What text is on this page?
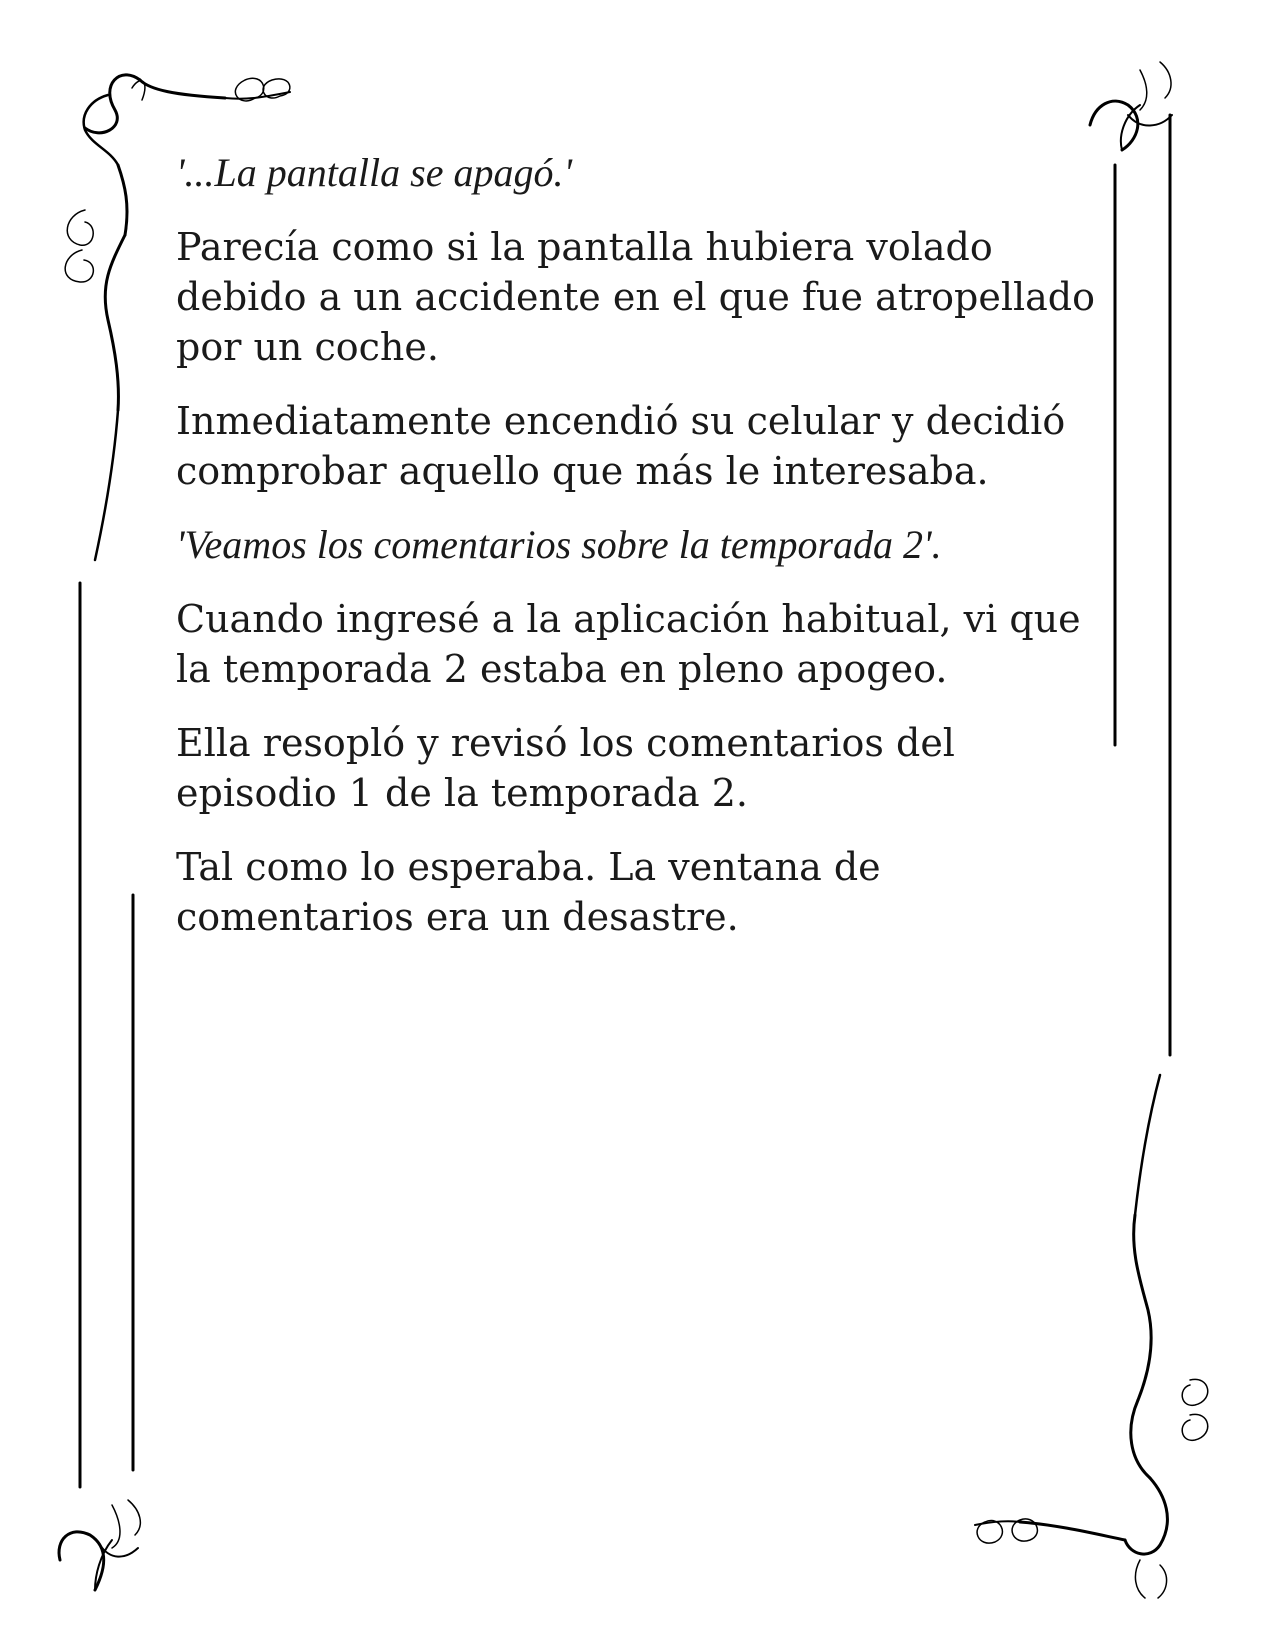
'...La pantalla se apagó.'

Parecía como si la pantalla hubiera volado
debido a un accidente en el que fue atropellado
por un coche.

Inmediatamente encendió su celular y decidió
comprobar aquello que más le interesaba.

'Veamos los comentarios sobre la temporada 2'.

Cuando ingresé a la aplicación habitual, vi que
la temporada 2 estaba en pleno apogeo.

Ella resopló y revisó los comentarios del
episodio 1 de la temporada 2.

Tal como lo esperaba. La ventana de
comentarios era un desastre.
